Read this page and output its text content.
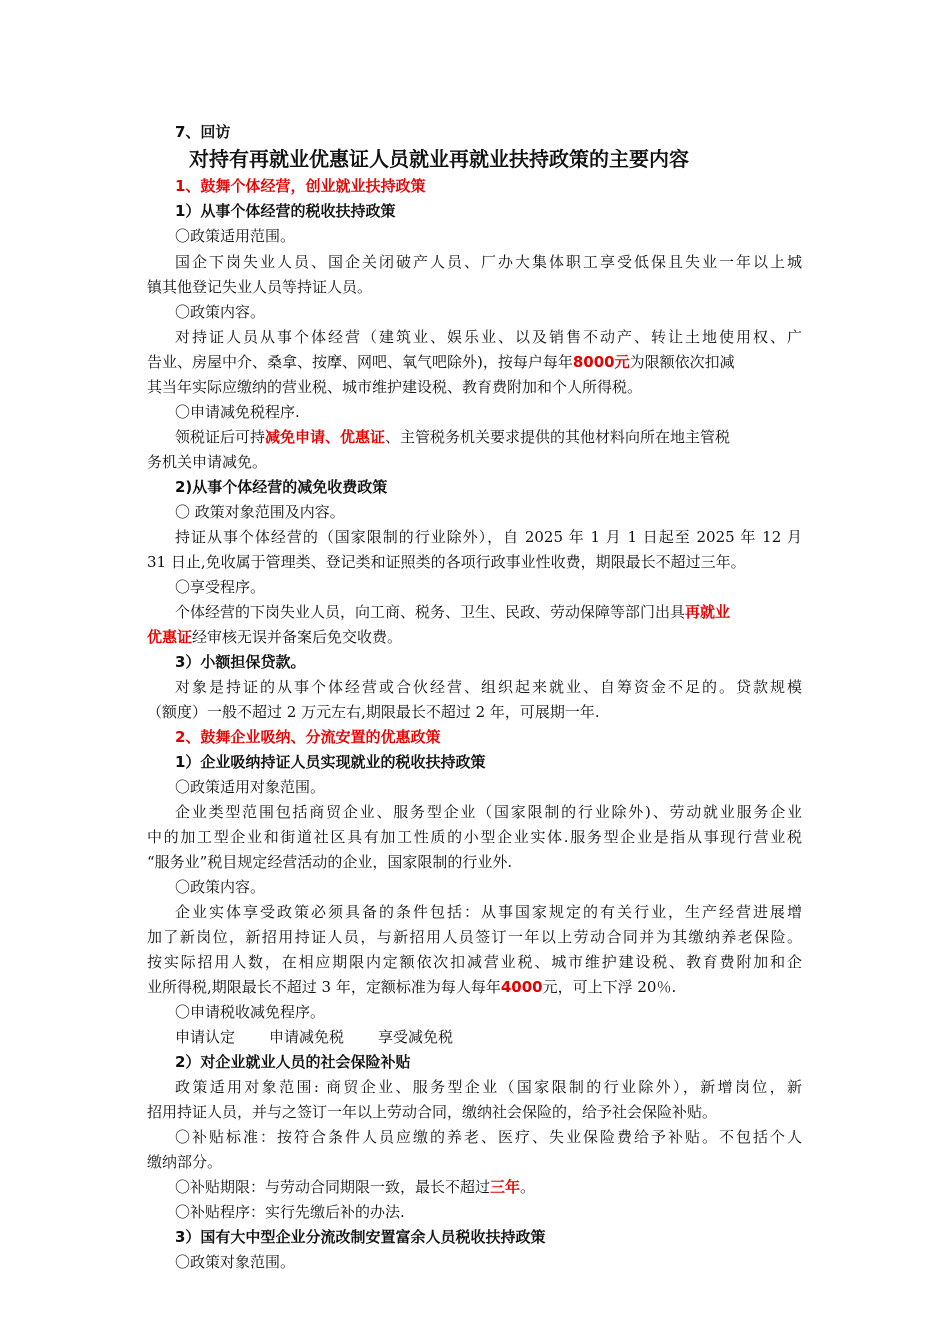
7、回访
对持有再就业优惠证人员就业再就业扶持政策的主要内容
1、鼓舞个体经营，创业就业扶持政策
1）从事个体经营的税收扶持政策
〇政策适用范围。
国企下岗失业人员、国企关闭破产人员、厂办大集体职工享受低保且失业一年以上城
镇其他登记失业人员等持证人员。
〇政策内容。
对持证人员从事个体经营（建筑业、娱乐业、以及销售不动产、转让土地使用权、广
告业、房屋中介、桑拿、按摩、网吧、氧气吧除外)，按每户每年8000元为限额依次扣减
其当年实际应缴纳的营业税、城市维护建设税、教育费附加和个人所得税。
〇申请减免税程序.
领税证后可持减免申请、优惠证、主管税务机关要求提供的其他材料向所在地主管税
务机关申请减免。
2)从事个体经营的减免收费政策
〇 政策对象范围及内容。
持证从事个体经营的（国家限制的行业除外），自 2025 年 1 月 1 日起至 2025 年 12 月
31 日止,免收属于管理类、登记类和证照类的各项行政事业性收费，期限最长不超过三年。
〇享受程序。
个体经营的下岗失业人员，向工商、税务、卫生、民政、劳动保障等部门出具再就业
优惠证经审核无误并备案后免交收费。
3）小额担保贷款。
对象是持证的从事个体经营或合伙经营、组织起来就业、自筹资金不足的。贷款规模
（额度）一般不超过 2 万元左右,期限最长不超过 2 年，可展期一年.
2、鼓舞企业吸纳、分流安置的优惠政策
1）企业吸纳持证人员实现就业的税收扶持政策
〇政策适用对象范围。
企业类型范围包括商贸企业、服务型企业（国家限制的行业除外)、劳动就业服务企业
中的加工型企业和街道社区具有加工性质的小型企业实体.服务型企业是指从事现行营业税
“服务业”税目规定经营活动的企业，国家限制的行业外.
〇政策内容。
企业实体享受政策必须具备的条件包括：从事国家规定的有关行业，生产经营进展增
加了新岗位，新招用持证人员，与新招用人员签订一年以上劳动合同并为其缴纳养老保险。
按实际招用人数，在相应期限内定额依次扣减营业税、城市维护建设税、教育费附加和企
业所得税,期限最长不超过 3 年，定额标准为每人每年4000元，可上下浮 20％.
〇申请税收减免程序。
申请认定 申请减免税 享受减免税
2）对企业就业人员的社会保险补贴
政策适用对象范围: 商贸企业、服务型企业（国家限制的行业除外），新增岗位，新
招用持证人员，并与之签订一年以上劳动合同，缴纳社会保险的，给予社会保险补贴。
〇补贴标准：按符合条件人员应缴的养老、医疗、失业保险费给予补贴。不包括个人
缴纳部分。
〇补贴期限：与劳动合同期限一致，最长不超过三年。
〇补贴程序：实行先缴后补的办法.
3）国有大中型企业分流改制安置富余人员税收扶持政策
〇政策对象范围。
